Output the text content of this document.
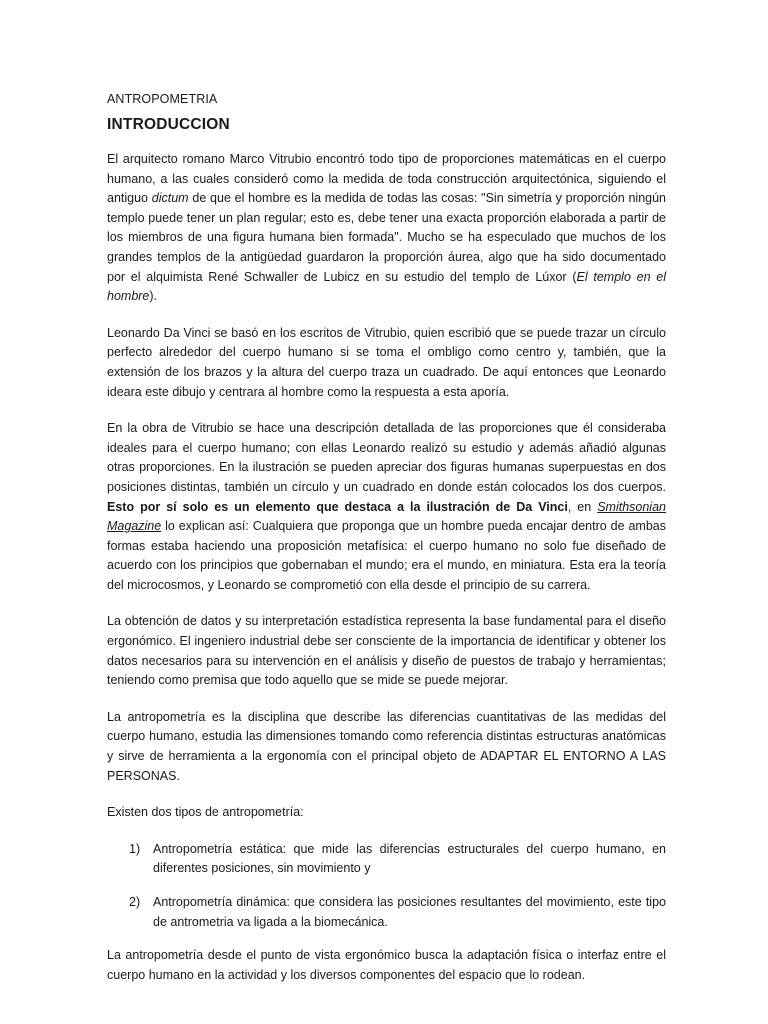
ANTROPOMETRIA
INTRODUCCION

El arquitecto romano Marco Vitrubio encontró todo tipo de proporciones matemáticas en el cuerpo humano, a las cuales consideró como la medida de toda construcción arquitectónica, siguiendo el antiguo dictum de que el hombre es la medida de todas las cosas: "Sin simetría y proporción ningún templo puede tener un plan regular; esto es, debe tener una exacta proporción elaborada a partir de los miembros de una figura humana bien formada". Mucho se ha especulado que muchos de los grandes templos de la antigüedad guardaron la proporción áurea, algo que ha sido documentado por el alquimista René Schwaller de Lubicz en su estudio del templo de Lúxor (El templo en el hombre).

Leonardo Da Vinci se basó en los escritos de Vitrubio, quien escribió que se puede trazar un círculo perfecto alrededor del cuerpo humano si se toma el ombligo como centro y, también, que la extensión de los brazos y la altura del cuerpo traza un cuadrado. De aquí entonces que Leonardo ideara este dibujo y centrara al hombre como la respuesta a esta aporía.

En la obra de Vitrubio se hace una descripción detallada de las proporciones que él consideraba ideales para el cuerpo humano; con ellas Leonardo realizó su estudio y además añadió algunas otras proporciones. En la ilustración se pueden apreciar dos figuras humanas superpuestas en dos posiciones distintas, también un círculo y un cuadrado en donde están colocados los dos cuerpos. Esto por sí solo es un elemento que destaca a la ilustración de Da Vinci, en Smithsonian Magazine lo explican así: Cualquiera que proponga que un hombre pueda encajar dentro de ambas formas estaba haciendo una proposición metafísica: el cuerpo humano no solo fue diseñado de acuerdo con los principios que gobernaban el mundo; era el mundo, en miniatura. Esta era la teoría del microcosmos, y Leonardo se comprometió con ella desde el principio de su carrera.

La obtención de datos y su interpretación estadística representa la base fundamental para el diseño ergonómico. El ingeniero industrial debe ser consciente de la importancia de identificar y obtener los datos necesarios para su intervención en el análisis y diseño de puestos de trabajo y herramientas; teniendo como premisa que todo aquello que se mide se puede mejorar.

La antropometría es la disciplina que describe las diferencias cuantitativas de las medidas del cuerpo humano, estudia las dimensiones tomando como referencia distintas estructuras anatómicas y sirve de herramienta a la ergonomía con el principal objeto de ADAPTAR EL ENTORNO A LAS PERSONAS.

Existen dos tipos de antropometría:

1) Antropometría estática: que mide las diferencias estructurales del cuerpo humano, en diferentes posiciones, sin movimiento y
2) Antropometría dinámica: que considera las posiciones resultantes del movimiento, este tipo de antrometria va ligada a la biomecánica.

La antropometría desde el punto de vista ergonómico busca la adaptación física o interfaz entre el cuerpo humano en la actividad y los diversos componentes del espacio que lo rodean.
